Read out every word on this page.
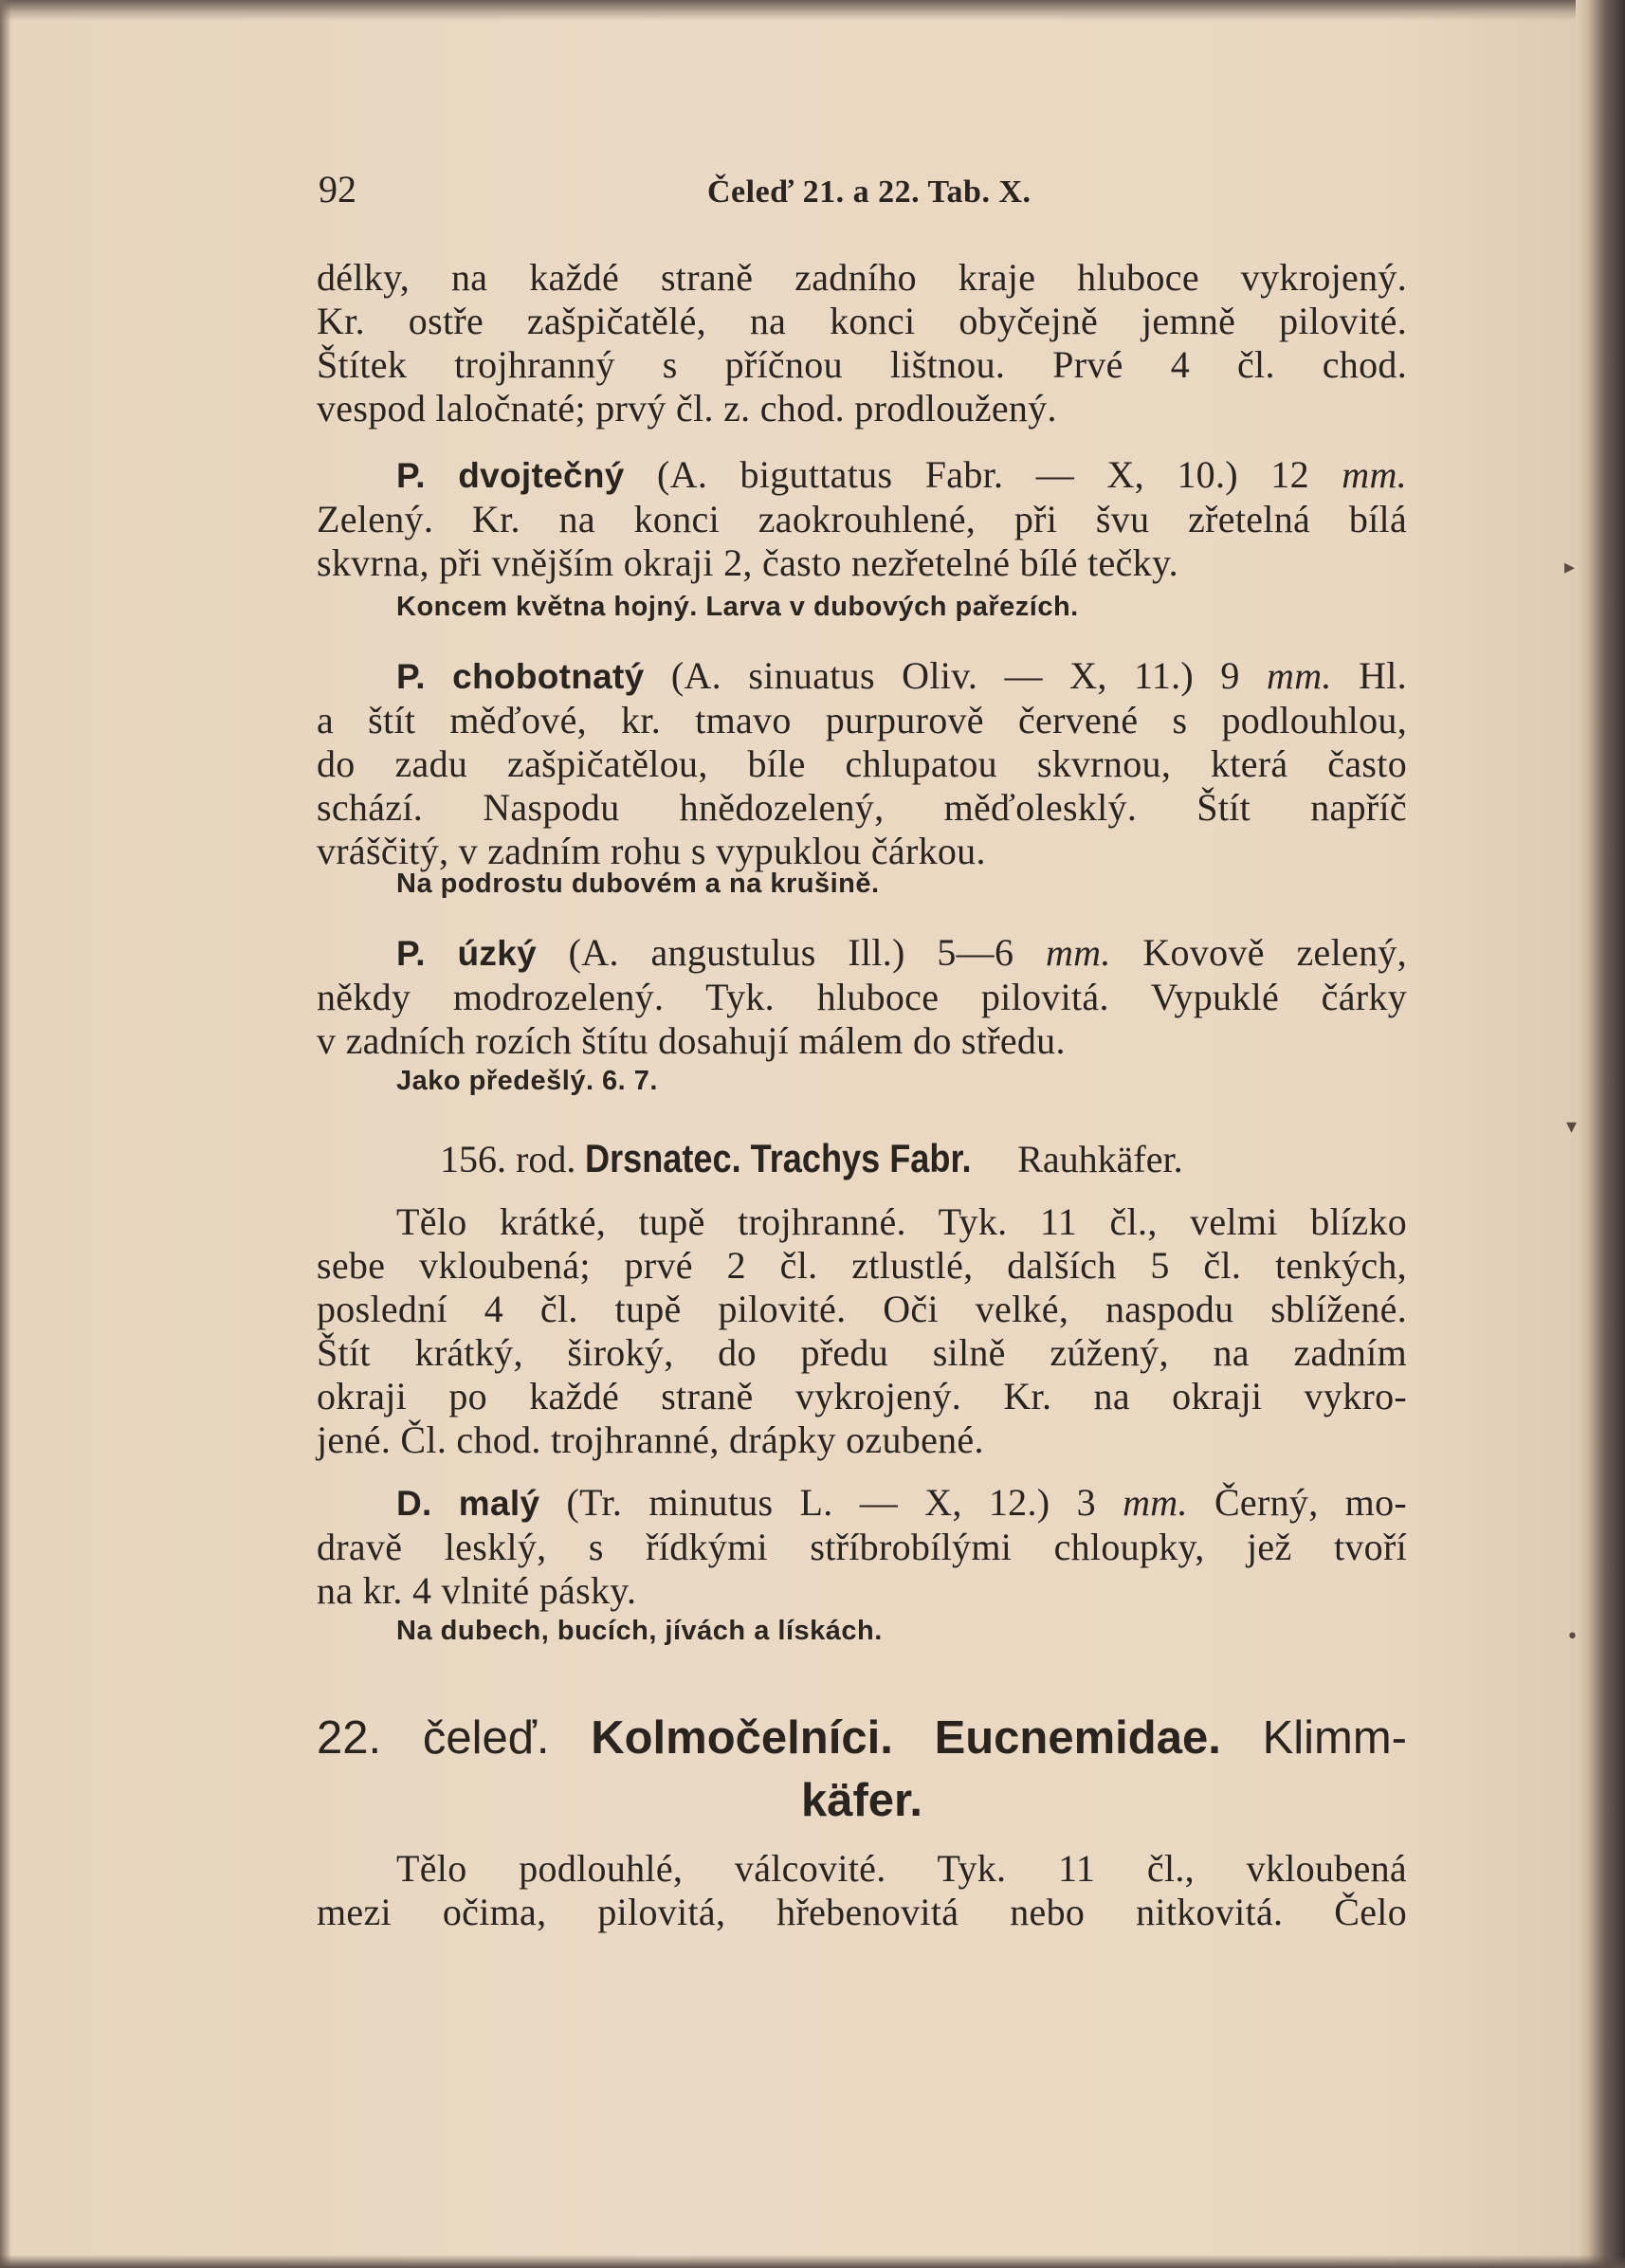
▸
▾
•
92	Čeleď 21. a 22. Tab. X.
délky, na každé straně zadního kraje hluboce vykrojený.
Kr. ostře zašpičatělé, na konci obyčejně jemně pilovité.
Štítek trojhranný s příčnou lištnou. Prvé 4 čl. chod.
vespod laločnaté; prvý čl. z. chod. prodloužený.
P. dvojtečný (A. biguttatus Fabr. — X, 10.) 12 mm.
Zelený. Kr. na konci zaokrouhlené, při švu zřetelná bílá
skvrna, při vnějším okraji 2, často nezřetelné bílé tečky.
Koncem května hojný. Larva v dubových pařezích.
P. chobotnatý (A. sinuatus Oliv. — X, 11.) 9 mm. Hl.
a štít měďové, kr. tmavo purpurově červené s podlouhlou,
do zadu zašpičatělou, bíle chlupatou skvrnou, která často
schází. Naspodu hnědozelený, měďolesklý. Štít napříč
vráščitý, v zadním rohu s vypuklou čárkou.
Na podrostu dubovém a na krušině.
P. úzký (A. angustulus Ill.) 5—6 mm. Kovově zelený,
někdy modrozelený. Tyk. hluboce pilovitá. Vypuklé čárky
v zadních rozích štítu dosahují málem do středu.
Jako předešlý. 6. 7.
156. rod. Drsnatec. Trachys Fabr. Rauhkäfer.
Tělo krátké, tupě trojhranné. Tyk. 11 čl., velmi blízko
sebe vkloubená; prvé 2 čl. ztlustlé, dalších 5 čl. tenkých,
poslední 4 čl. tupě pilovité. Oči velké, naspodu sblížené.
Štít krátký, široký, do předu silně zúžený, na zadním
okraji po každé straně vykrojený. Kr. na okraji vykro-
jené. Čl. chod. trojhranné, drápky ozubené.
D. malý (Tr. minutus L. — X, 12.) 3 mm. Černý, mo-
dravě lesklý, s řídkými stříbrobílými chloupky, jež tvoří
na kr. 4 vlnité pásky.
Na dubech, bucích, jívách a lískách.
22. čeleď. Kolmočelníci. Eucnemidae. Klimm-
käfer.
Tělo podlouhlé, válcovité. Tyk. 11 čl., vkloubená
mezi očima, pilovitá, hřebenovitá nebo nitkovitá. Čelo
